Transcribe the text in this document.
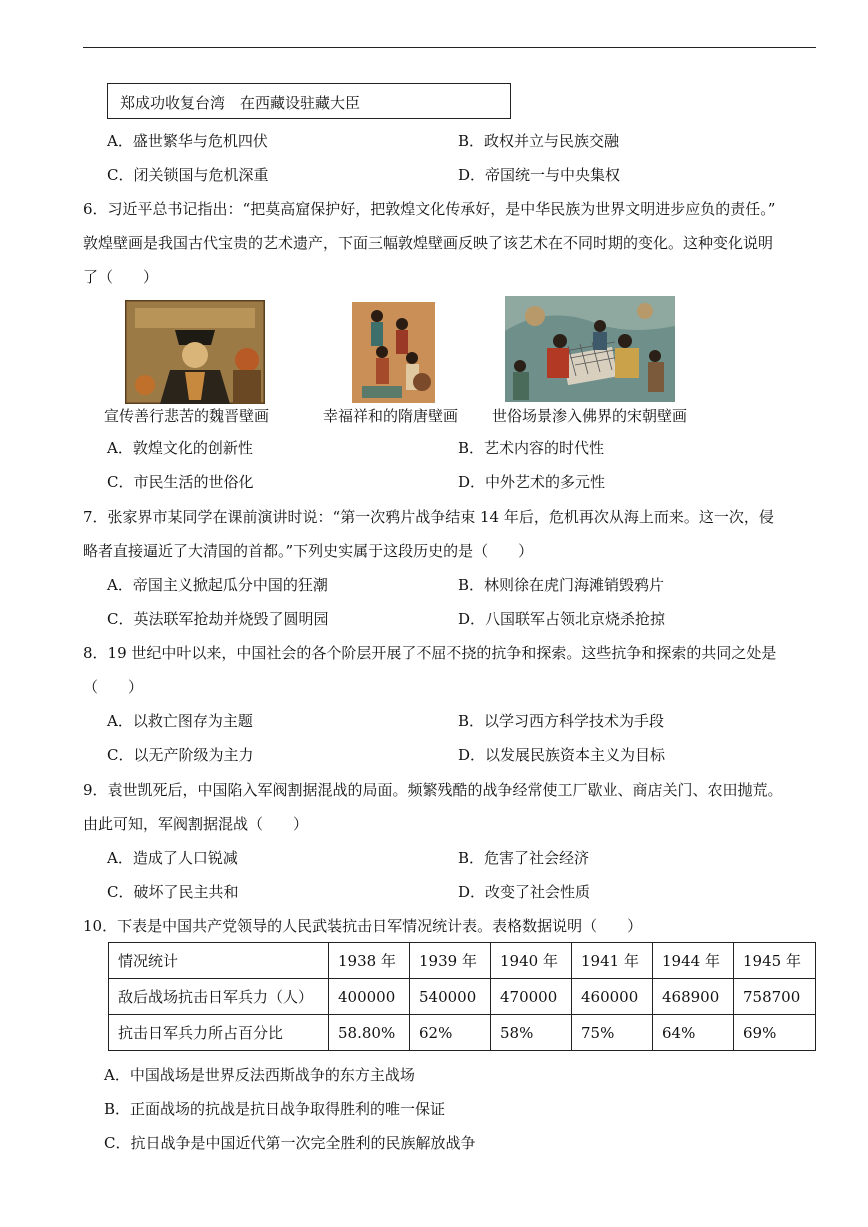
郑成功收复台湾　在西藏设驻藏大臣
A．盛世繁华与危机四伏	B．政权并立与民族交融
C．闭关锁国与危机深重	D．帝国统一与中央集权
6．习近平总书记指出：“把莫高窟保护好，把敦煌文化传承好，是中华民族为世界文明进步应负的责任。”
敦煌壁画是我国古代宝贵的艺术遗产，下面三幅敦煌壁画反映了该艺术在不同时期的变化。这种变化说明
了（　　）
宣传善行悲苦的魏晋壁画	幸福祥和的隋唐壁画 世俗场景渗入佛界的宋朝壁画
A．敦煌文化的创新性	B．艺术内容的时代性
C．市民生活的世俗化	D．中外艺术的多元性
7．张家界市某同学在课前演讲时说：“第一次鸦片战争结束 14 年后，危机再次从海上而来。这一次，侵
略者直接逼近了大清国的首都。”下列史实属于这段历史的是（　　）
A．帝国主义掀起瓜分中国的狂潮	B．林则徐在虎门海滩销毁鸦片
C．英法联军抢劫并烧毁了圆明园	D．八国联军占领北京烧杀抢掠
8．19 世纪中叶以来，中国社会的各个阶层开展了不屈不挠的抗争和探索。这些抗争和探索的共同之处是
（　　）
A．以救亡图存为主题	B．以学习西方科学技术为手段
C．以无产阶级为主力	D．以发展民族资本主义为目标
9．袁世凯死后，中国陷入军阀割据混战的局面。频繁残酷的战争经常使工厂歇业、商店关门、农田抛荒。
由此可知，军阀割据混战（　　）
A．造成了人口锐减	B．危害了社会经济
C．破坏了民主共和	D．改变了社会性质
10．下表是中国共产党领导的人民武装抗击日军情况统计表。表格数据说明（　　）
情况统计	1938 年	1939 年	1940 年	1941 年	1944 年	1945 年
敌后战场抗击日军兵力（人）	400000	540000	470000	460000	468900	758700
抗击日军兵力所占百分比	58.80%	62%	58%	75%	64%	69%
A．中国战场是世界反法西斯战争的东方主战场
B．正面战场的抗战是抗日战争取得胜利的唯一保证
C．抗日战争是中国近代第一次完全胜利的民族解放战争
